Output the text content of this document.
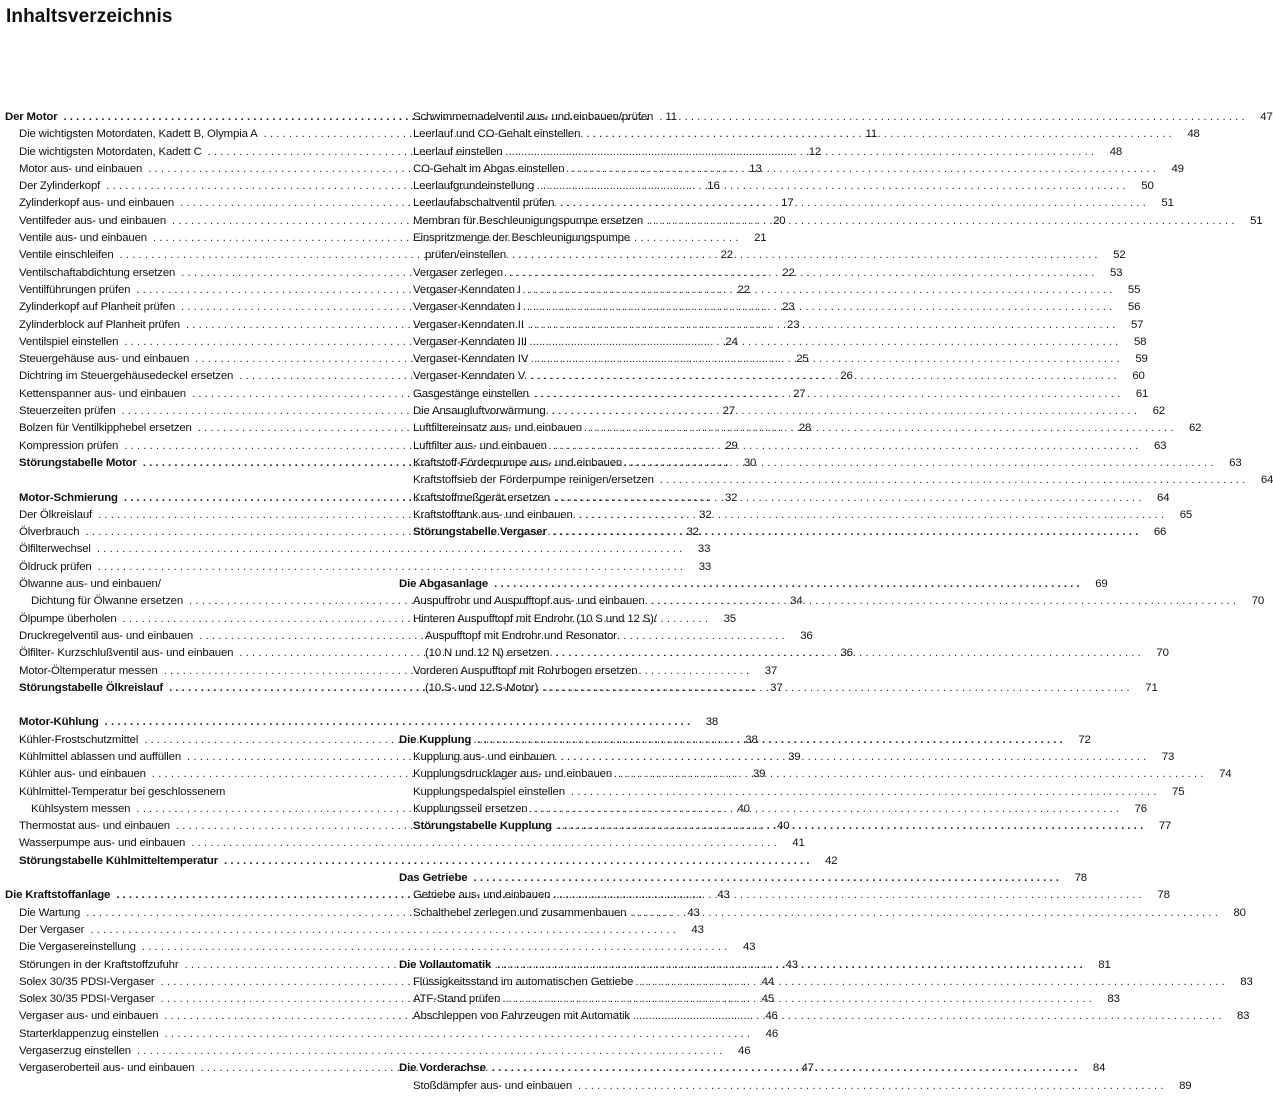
Inhaltsverzeichnis
Der Motor . . .	11
Die wichtigsten Motordaten, Kadett B, Olympia A . . .	11
Die wichtigsten Motordaten, Kadett C . . .	12
Motor aus- und einbauen . . .	13
Der Zylinderkopf . . .	16
Zylinderkopf aus- und einbauen . . .	17
Ventilfeder aus- und einbauen . . .	20
Ventile aus- und einbauen . . .	21
Ventile einschleifen . . .	22
Ventilschaftabdichtung ersetzen . . .	22
Ventilführungen prüfen . . .	22
Zylinderkopf auf Planheit prüfen . . .	23
Zylinderblock auf Planheit prüfen . . .	23
Ventilspiel einstellen . . .	24
Steuergehäuse aus- und einbauen . . .	25
Dichtring im Steuergehäusedeckel ersetzen . . .	26
Kettenspanner aus- und einbauen . . .	27
Steuerzeiten prüfen . . .	27
Bolzen für Ventilkipphebel ersetzen . . .	28
Kompression prüfen . . .	29
Störungstabelle Motor . . .	30
Motor-Schmierung . . .	32
Der Ölkreislauf . . .	32
Ölverbrauch . . .	32
Ölfilterwechsel . . .	33
Öldruck prüfen . . .	33
Ölwanne aus- und einbauen/
Dichtung für Ölwanne ersetzen . . .	34
Ölpumpe überholen . . .	35
Druckregelventil aus- und einbauen . . .	36
Ölfilter- Kurzschlußventil aus- und einbauen . . .	36
Motor-Öltemperatur messen . . .	37
Störungstabelle Ölkreislauf . . .	37
Motor-Kühlung . . .	38
Kühler-Frostschutzmittel . . .	38
Kühlmittel ablassen und auffüllen . . .	39
Kühler aus- und einbauen . . .	39
Kühlmittel-Temperatur bei geschlossenem
Kühlsystem messen . . .	40
Thermostat aus- und einbauen . . .	40
Wasserpumpe aus- und einbauen . . .	41
Störungstabelle Kühlmitteltemperatur . . .	42
Die Kraftstoffanlage . . .	43
Die Wartung . . .	43
Der Vergaser . . .	43
Die Vergasereinstellung . . .	43
Störungen in der Kraftstoffzufuhr . . .	43
Solex 30/35 PDSI-Vergaser . . .	44
Solex 30/35 PDSI-Vergaser . . .	45
Vergaser aus- und einbauen . . .	46
Starterklappenzug einstellen . . .	46
Vergaserzug einstellen . . .	46
Vergaseroberteil aus- und einbauen . . .	47
Schwimmernadelventil aus- und einbauen/prüfen . . .	47
Leerlauf und CO-Gehalt einstellen . . .	48
Leerlauf einstellen . . .	48
CO-Gehalt im Abgas einstellen . . .	49
Leerlaufgrundeinstellung . . .	50
Leerlaufabschaltventil prüfen . . .	51
Membran für Beschleunigungspumpe ersetzen . . .	51
Einspritzmenge der Beschleunigungspumpe
prüfen/einstellen . . .	52
Vergaser zerlegen . . .	53
Vergaser-Kenndaten I . . .	55
Vergaser-Kenndaten I . . .	56
Vergaser-Kenndaten II . . .	57
Vergaser-Kenndaten III . . .	58
Vergaser-Kenndaten IV . . .	59
Vergaser-Kenndaten V . . .	60
Gasgestänge einstellen . . .	61
Die Ansaugluftvorwärmung . . .	62
Luftfiltereinsatz aus- und einbauen . . .	62
Luftfilter aus- und einbauen . . .	63
Kraftstoff-Förderpumpe aus- und einbauen . . .	63
Kraftstoffsieb der Förderpumpe reinigen/ersetzen . . .	64
Kraftstoffmeßgerät ersetzen . . .	64
Kraftstofftank aus- und einbauen . . .	65
Störungstabelle Vergaser . . .	66
Die Abgasanlage . . .	69
Auspuffrohr und Auspufftopf aus- und einbauen . . .	70
Hinteren Auspufftopf mit Endrohr (10 S und 12 S)/
Auspufftopf mit Endrohr und Resonator
(10 N und 12 N) ersetzen . . .	70
Vorderen Auspufftopf mit Rohrbogen ersetzen
(10 S- und 12 S-Motor) . . .	71
Die Kupplung . . .	72
Kupplung aus- und einbauen . . .	73
Kupplungsdrucklager aus- und einbauen . . .	74
Kupplungspedalspiel einstellen . . .	75
Kupplungsseil ersetzen . . .	76
Störungstabelle Kupplung . . .	77
Das Getriebe . . .	78
Getriebe aus- und einbauen . . .	78
Schalthebel zerlegen und zusammenbauen . . .	80
Die Vollautomatik . . .	81
Flüssigkeitsstand im automatischen Getriebe . . .	83
ATF-Stand prüfen . . .	83
Abschleppen von Fahrzeugen mit Automatik . . .	83
Die Vorderachse . . .	84
Stoßdämpfer aus- und einbauen . . .	89
